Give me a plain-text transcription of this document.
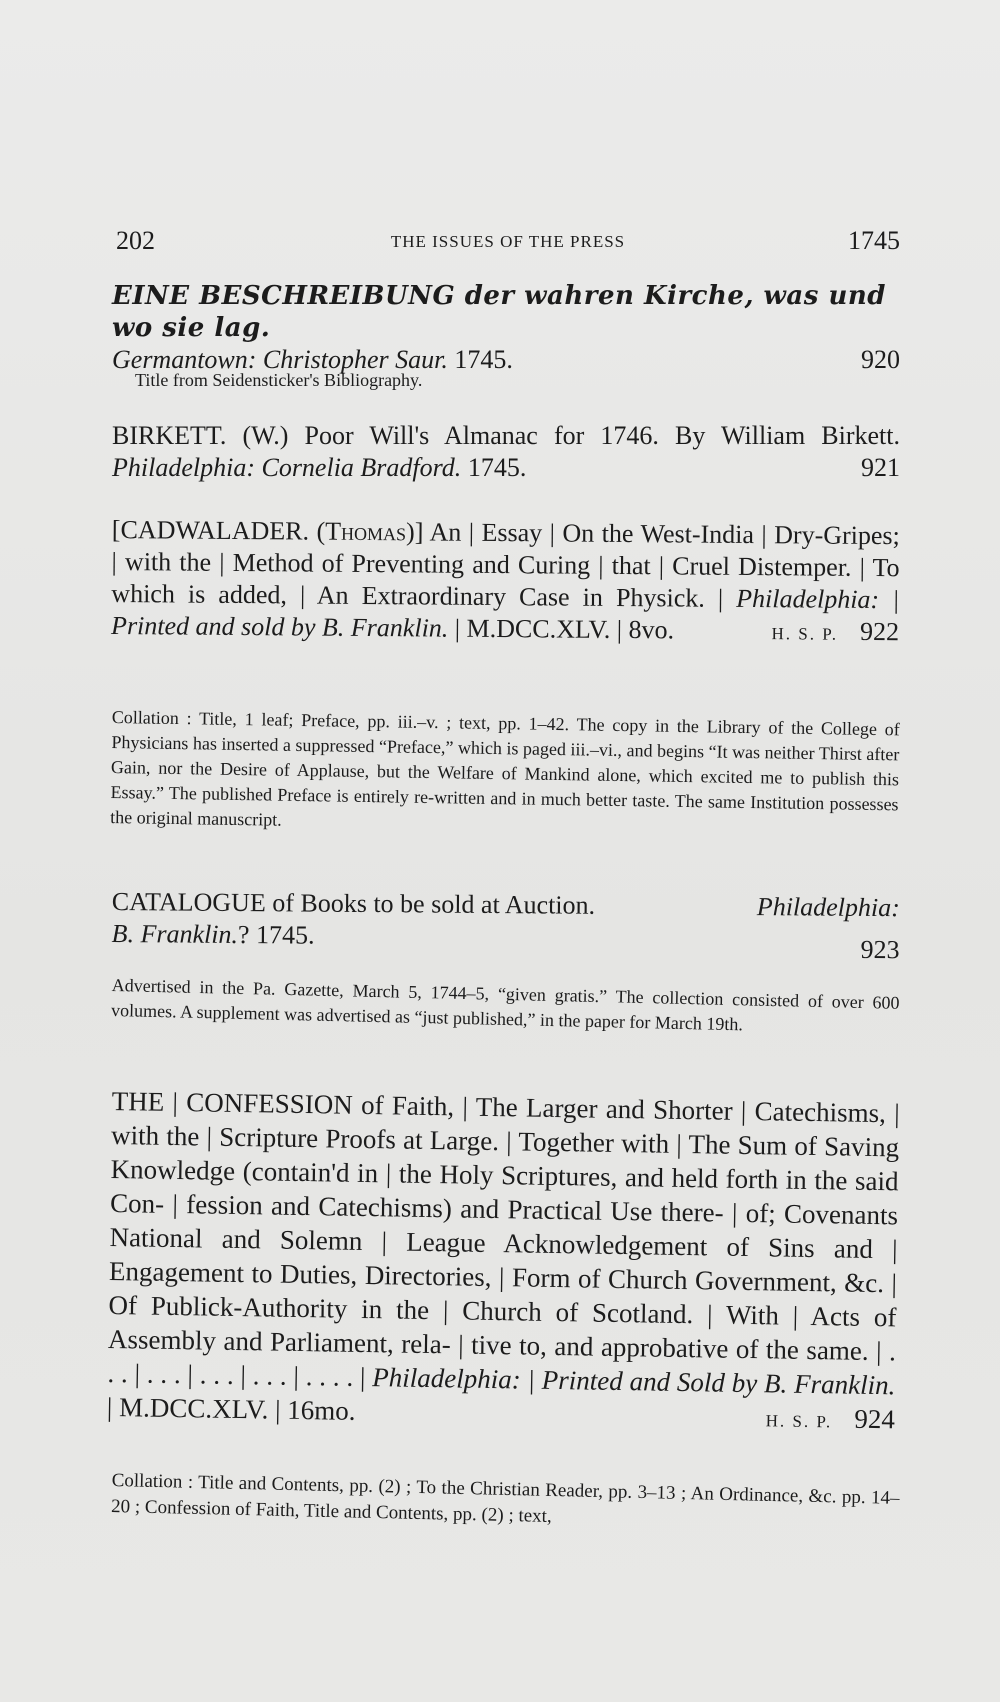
202	THE ISSUES OF THE PRESS	1745
EINE BESCHREIBUNG der wahren Kirche, was und wo sie lag.
Germantown: Christopher Saur. 1745.	920
Title from Seidensticker's Bibliography.
BIRKETT. (W.) Poor Will's Almanac for 1746. By William Birkett. Philadelphia: Cornelia Bradford. 1745.	921
[CADWALADER. (Thomas)] An | Essay | On the West-India | Dry-Gripes; | with the | Method of Preventing and Curing | that | Cruel Distemper. | To which is added, | An Extraordinary Case in Physick. | Philadelphia: | Printed and sold by B. Franklin. | M.DCC.XLV. | 8vo.	H. S. P. 922
Collation : Title, 1 leaf; Preface, pp. iii.–v. ; text, pp. 1–42. The copy in the Library of the College of Physicians has inserted a suppressed “Preface,” which is paged iii.–vi., and begins “It was neither Thirst after Gain, nor the Desire of Applause, but the Welfare of Mankind alone, which excited me to publish this Essay.” The published Preface is entirely re-written and in much better taste. The same Institution possesses the original manuscript.
CATALOGUE of Books to be sold at Auction.	Philadelphia:
B. Franklin.? 1745.	923
Advertised in the Pa. Gazette, March 5, 1744–5, “given gratis.” The collection consisted of over 600 volumes. A supplement was advertised as “just published,” in the paper for March 19th.
THE | CONFESSION of Faith, | The Larger and Shorter | Catechisms, | with the | Scripture Proofs at Large. | Together with | The Sum of Saving Knowledge (contain'd in | the Holy Scriptures, and held forth in the said Con- | fession and Catechisms) and Practical Use there- | of; Covenants National and Solemn | League Acknowledgement of Sins and | Engagement to Duties, Directories, | Form of Church Government, &c. | Of Publick-Authority in the | Church of Scotland. | With | Acts of Assembly and Parliament, rela- | tive to, and approbative of the same. | . . . | . . . | . . . | . . . | . . . . | Philadelphia: | Printed and Sold by B. Franklin. | M.DCC.XLV. | 16mo.	H. S. P. 924
Collation : Title and Contents, pp. (2) ; To the Christian Reader, pp. 3–13 ; An Ordinance, &c. pp. 14–20 ; Confession of Faith, Title and Contents, pp. (2) ; text,
